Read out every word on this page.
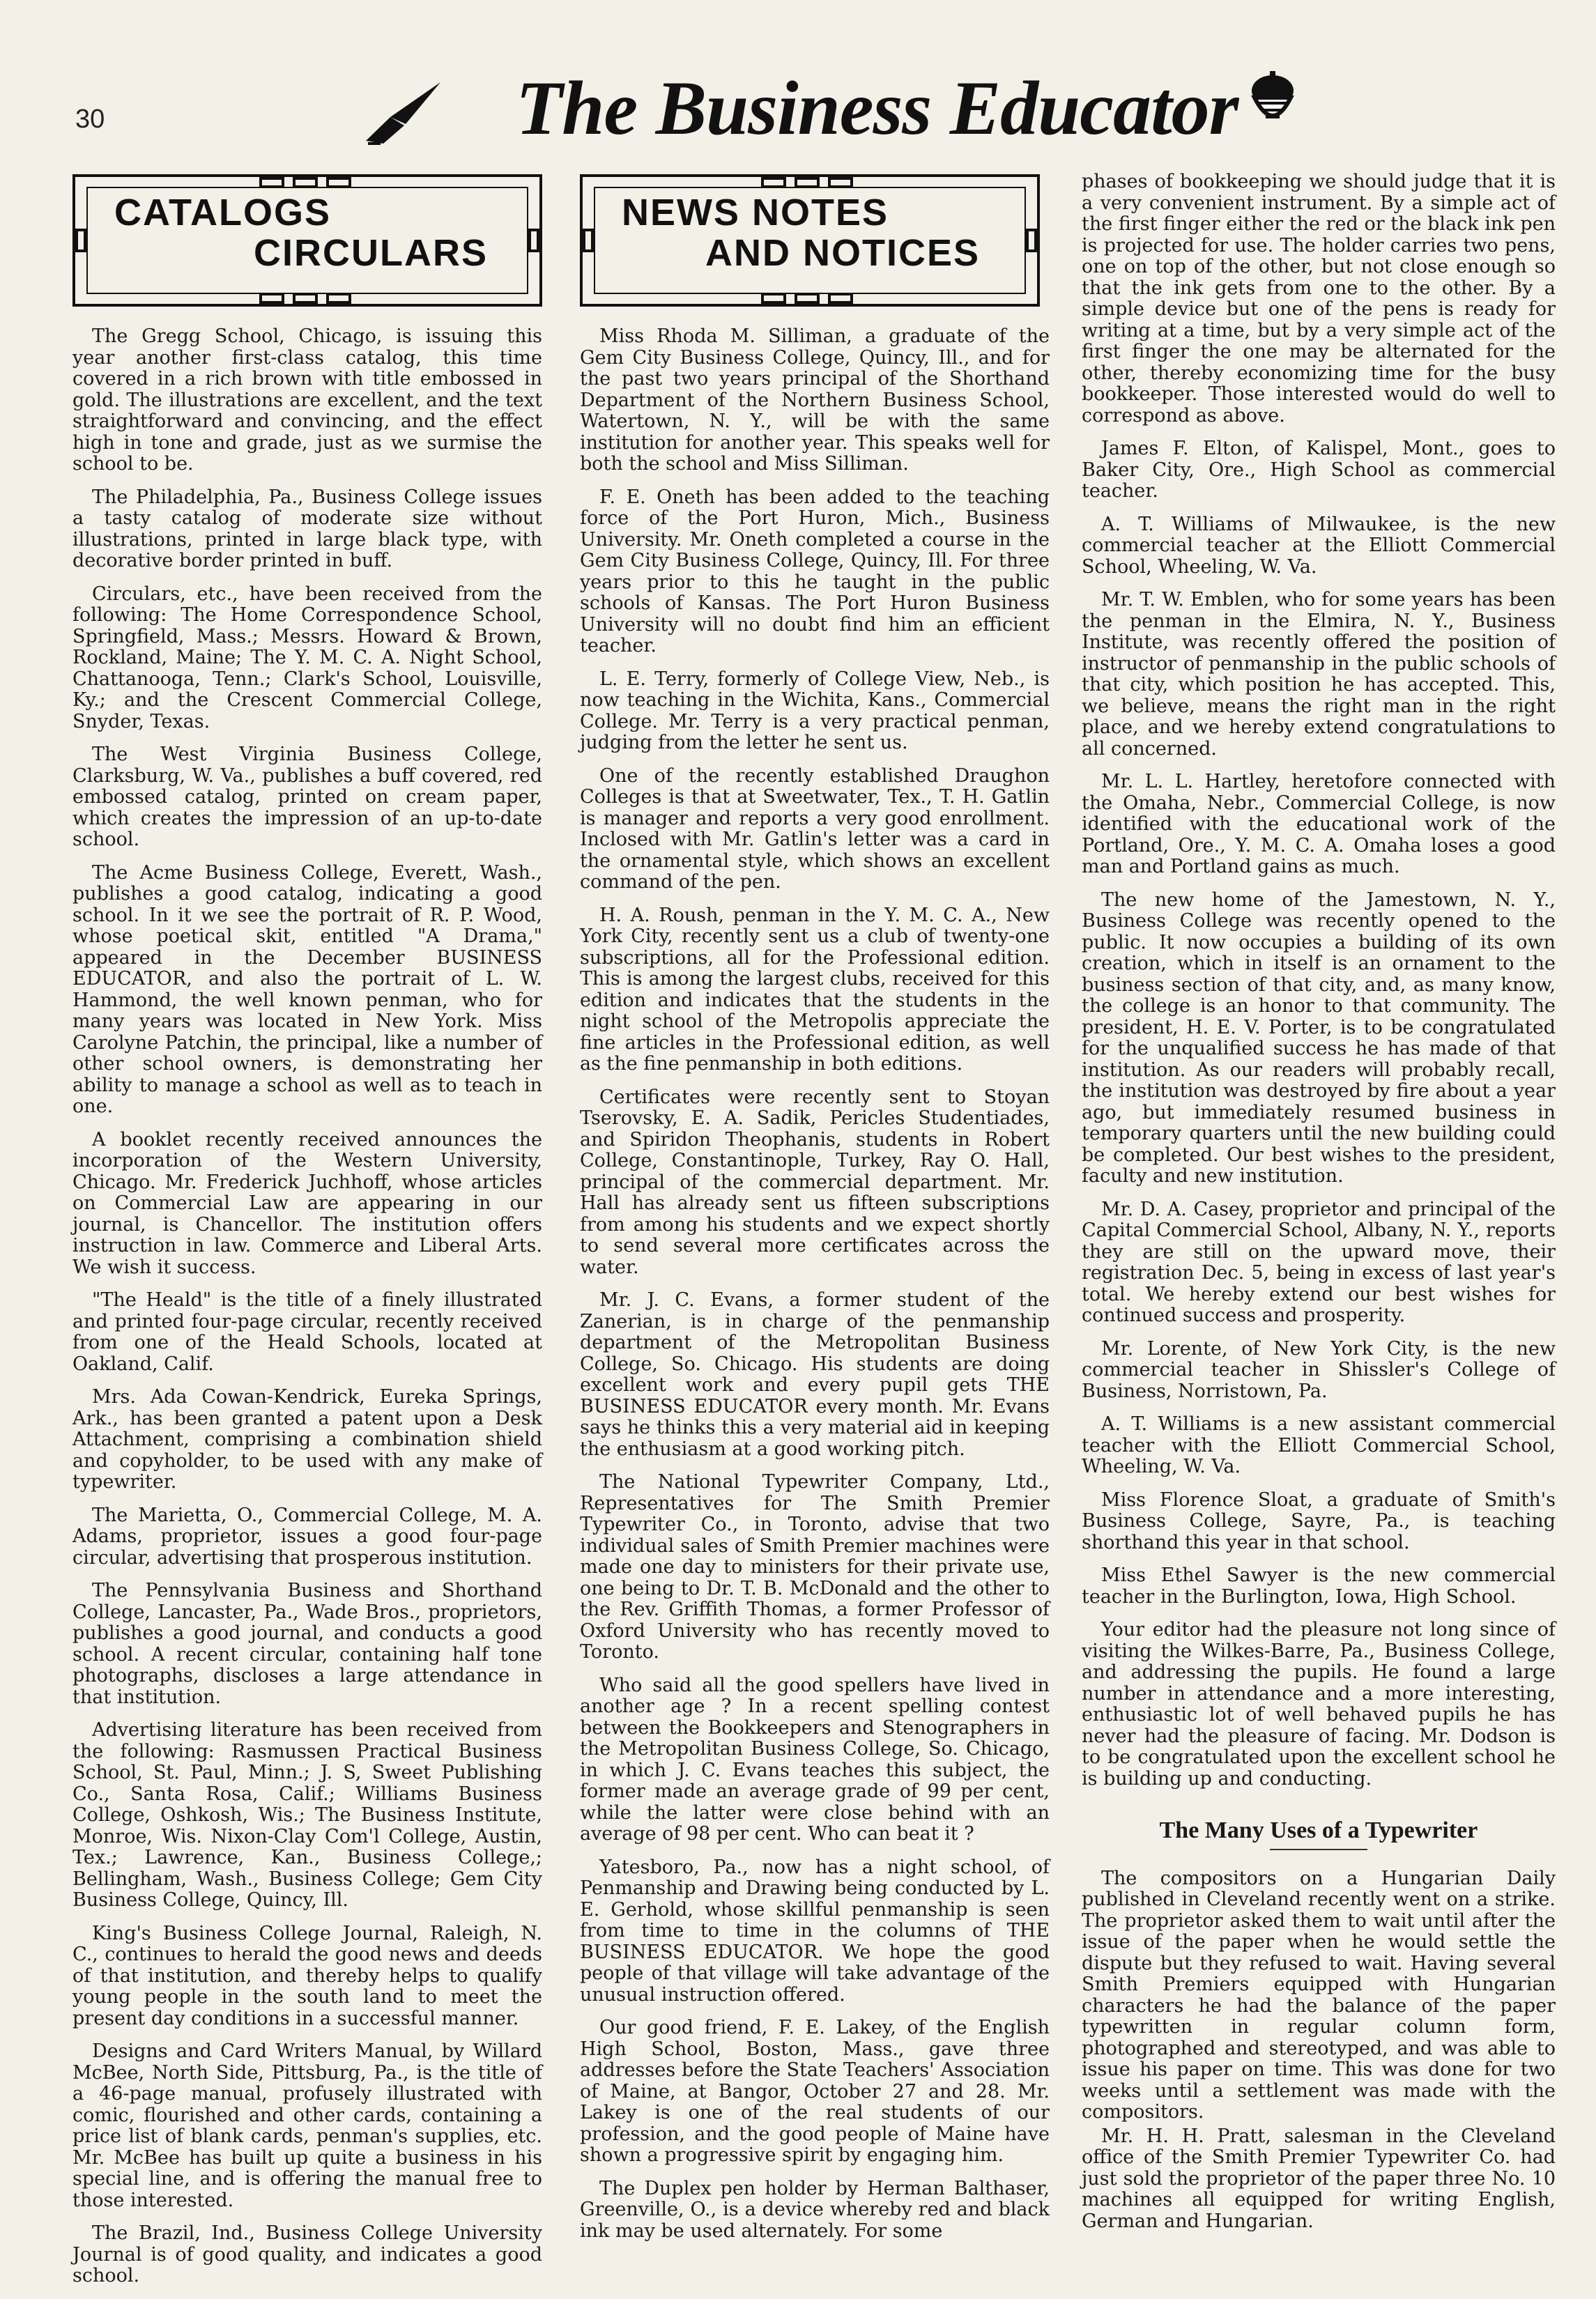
30	The Business Educator
CATALOGS
CIRCULARS

The Gregg School, Chicago, is issuing this year another first-class catalog, this time covered in a rich brown with title embossed in gold. The illustrations are excellent, and the text straightforward and convincing, and the effect high in tone and grade, just as we surmise the school to be.

The Philadelphia, Pa., Business College issues a tasty catalog of moderate size without illustrations, printed in large black type, with decorative border printed in buff.

Circulars, etc., have been received from the following: The Home Correspondence School, Springfield, Mass.; Messrs. Howard & Brown, Rockland, Maine; The Y. M. C. A. Night School, Chattanooga, Tenn.; Clark's School, Louisville, Ky.; and the Crescent Commercial College, Snyder, Texas.

The West Virginia Business College, Clarksburg, W. Va., publishes a buff covered, red embossed catalog, printed on cream paper, which creates the impression of an up-to-date school.

The Acme Business College, Everett, Wash., publishes a good catalog, indicating a good school. In it we see the portrait of R. P. Wood, whose poetical skit, entitled "A Drama," appeared in the December BUSINESS EDUCATOR, and also the portrait of L. W. Hammond, the well known penman, who for many years was located in New York. Miss Carolyne Patchin, the principal, like a number of other school owners, is demonstrating her ability to manage a school as well as to teach in one.

A booklet recently received announces the incorporation of the Western University, Chicago. Mr. Frederick Juchhoff, whose articles on Commercial Law are appearing in our journal, is Chancellor. The institution offers instruction in law. Commerce and Liberal Arts. We wish it success.

"The Heald" is the title of a finely illustrated and printed four-page circular, recently received from one of the Heald Schools, located at Oakland, Calif.

Mrs. Ada Cowan-Kendrick, Eureka Springs, Ark., has been granted a patent upon a Desk Attachment, comprising a combination shield and copyholder, to be used with any make of typewriter.

The Marietta, O., Commercial College, M. A. Adams, proprietor, issues a good four-page circular, advertising that prosperous institution.

The Pennsylvania Business and Shorthand College, Lancaster, Pa., Wade Bros., proprietors, publishes a good journal, and conducts a good school. A recent circular, containing half tone photographs, discloses a large attendance in that institution.

Advertising literature has been received from the following: Rasmussen Practical Business School, St. Paul, Minn.; J. S, Sweet Publishing Co., Santa Rosa, Calif.; Williams Business College, Oshkosh, Wis.; The Business Institute, Monroe, Wis. Nixon-Clay Com'l College, Austin, Tex.; Lawrence, Kan., Business College,; Bellingham, Wash., Business College; Gem City Business College, Quincy, Ill.

King's Business College Journal, Raleigh, N. C., continues to herald the good news and deeds of that institution, and thereby helps to qualify young people in the south land to meet the present day conditions in a successful manner.

Designs and Card Writers Manual, by Willard McBee, North Side, Pittsburg, Pa., is the title of a 46-page manual, profusely illustrated with comic, flourished and other cards, containing a price list of blank cards, penman's supplies, etc. Mr. McBee has built up quite a business in his special line, and is offering the manual free to those interested.

The Brazil, Ind., Business College University Journal is of good quality, and indicates a good school.

NEWS NOTES
AND NOTICES

Miss Rhoda M. Silliman, a graduate of the Gem City Business College, Quincy, Ill., and for the past two years principal of the Shorthand Department of the Northern Business School, Watertown, N. Y., will be with the same institution for another year. This speaks well for both the school and Miss Silliman.

F. E. Oneth has been added to the teaching force of the Port Huron, Mich., Business University. Mr. Oneth completed a course in the Gem City Business College, Quincy, Ill. For three years prior to this he taught in the public schools of Kansas. The Port Huron Business University will no doubt find him an efficient teacher.

L. E. Terry, formerly of College View, Neb., is now teaching in the Wichita, Kans., Commercial College. Mr. Terry is a very practical penman, judging from the letter he sent us.

One of the recently established Draughon Colleges is that at Sweetwater, Tex., T. H. Gatlin is manager and reports a very good enrollment. Inclosed with Mr. Gatlin's letter was a card in the ornamental style, which shows an excellent command of the pen.

H. A. Roush, penman in the Y. M. C. A., New York City, recently sent us a club of twenty-one subscriptions, all for the Professional edition. This is among the largest clubs, received for this edition and indicates that the students in the night school of the Metropolis appreciate the fine articles in the Professional edition, as well as the fine penmanship in both editions.

Certificates were recently sent to Stoyan Tserovsky, E. A. Sadik, Pericles Studentiades, and Spiridon Theophanis, students in Robert College, Constantinople, Turkey, Ray O. Hall, principal of the commercial department. Mr. Hall has already sent us fifteen subscriptions from among his students and we expect shortly to send several more certificates across the water.

Mr. J. C. Evans, a former student of the Zanerian, is in charge of the penmanship department of the Metropolitan Business College, So. Chicago. His students are doing excellent work and every pupil gets THE BUSINESS EDUCATOR every month. Mr. Evans says he thinks this a very material aid in keeping the enthusiasm at a good working pitch.

The National Typewriter Company, Ltd., Representatives for The Smith Premier Typewriter Co., in Toronto, advise that two individual sales of Smith Premier machines were made one day to ministers for their private use, one being to Dr. T. B. McDonald and the other to the Rev. Griffith Thomas, a former Professor of Oxford University who has recently moved to Toronto.

Who said all the good spellers have lived in another age ? In a recent spelling contest between the Bookkeepers and Stenographers in the Metropolitan Business College, So. Chicago, in which J. C. Evans teaches this subject, the former made an average grade of 99 per cent, while the latter were close behind with an average of 98 per cent. Who can beat it ?

Yatesboro, Pa., now has a night school, of Penmanship and Drawing being conducted by L. E. Gerhold, whose skillful penmanship is seen from time to time in the columns of THE BUSINESS EDUCATOR. We hope the good people of that village will take advantage of the unusual instruction offered.

Our good friend, F. E. Lakey, of the English High School, Boston, Mass., gave three addresses before the State Teachers' Association of Maine, at Bangor, October 27 and 28. Mr. Lakey is one of the real students of our profession, and the good people of Maine have shown a progressive spirit by engaging him.

The Duplex pen holder by Herman Balthaser, Greenville, O., is a device whereby red and black ink may be used alternately. For some

phases of bookkeeping we should judge that it is a very convenient instrument. By a simple act of the first finger either the red or the black ink pen is projected for use. The holder carries two pens, one on top of the other, but not close enough so that the ink gets from one to the other. By a simple device but one of the pens is ready for writing at a time, but by a very simple act of the first finger the one may be alternated for the other, thereby economizing time for the busy bookkeeper. Those interested would do well to correspond as above.

James F. Elton, of Kalispel, Mont., goes to Baker City, Ore., High School as commercial teacher.

A. T. Williams of Milwaukee, is the new commercial teacher at the Elliott Commercial School, Wheeling, W. Va.

Mr. T. W. Emblen, who for some years has been the penman in the Elmira, N. Y., Business Institute, was recently offered the position of instructor of penmanship in the public schools of that city, which position he has accepted. This, we believe, means the right man in the right place, and we hereby extend congratulations to all concerned.

Mr. L. L. Hartley, heretofore connected with the Omaha, Nebr., Commercial College, is now identified with the educational work of the Portland, Ore., Y. M. C. A. Omaha loses a good man and Portland gains as much.

The new home of the Jamestown, N. Y., Business College was recently opened to the public. It now occupies a building of its own creation, which in itself is an ornament to the business section of that city, and, as many know, the college is an honor to that community. The president, H. E. V. Porter, is to be congratulated for the unqualified success he has made of that institution. As our readers will probably recall, the institution was destroyed by fire about a year ago, but immediately resumed business in temporary quarters until the new building could be completed. Our best wishes to the president, faculty and new institution.

Mr. D. A. Casey, proprietor and principal of the Capital Commercial School, Albany, N. Y., reports they are still on the upward move, their registration Dec. 5, being in excess of last year's total. We hereby extend our best wishes for continued success and prosperity.

Mr. Lorente, of New York City, is the new commercial teacher in Shissler's College of Business, Norristown, Pa.

A. T. Williams is a new assistant commercial teacher with the Elliott Commercial School, Wheeling, W. Va.

Miss Florence Sloat, a graduate of Smith's Business College, Sayre, Pa., is teaching shorthand this year in that school.

Miss Ethel Sawyer is the new commercial teacher in the Burlington, Iowa, High School.

Your editor had the pleasure not long since of visiting the Wilkes-Barre, Pa., Business College, and addressing the pupils. He found a large number in attendance and a more interesting, enthusiastic lot of well behaved pupils he has never had the pleasure of facing. Mr. Dodson is to be congratulated upon the excellent school he is building up and conducting.

The Many Uses of a Typewriter

The compositors on a Hungarian Daily published in Cleveland recently went on a strike. The proprietor asked them to wait until after the issue of the paper when he would settle the dispute but they refused to wait. Having several Smith Premiers equipped with Hungarian characters he had the balance of the paper typewritten in regular column form, photographed and stereotyped, and was able to issue his paper on time. This was done for two weeks until a settlement was made with the compositors.

Mr. H. H. Pratt, salesman in the Cleveland office of the Smith Premier Typewriter Co. had just sold the proprietor of the paper three No. 10 machines all equipped for writing English, German and Hungarian.
